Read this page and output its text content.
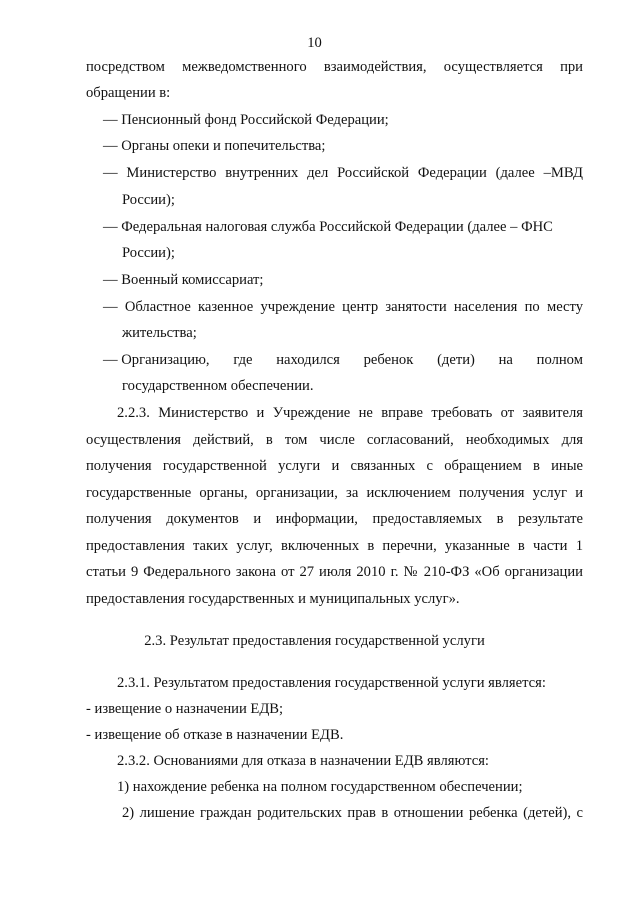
10
посредством межведомственного взаимодействия, осуществляется при
обращении в:
— Пенсионный фонд Российской Федерации;
— Органы опеки и попечительства;
— Министерство внутренних дел Российской Федерации (далее –МВД
России);
— Федеральная налоговая служба Российской Федерации (далее – ФНС
России);
— Военный комиссариат;
— Областное казенное учреждение центр занятости населения по месту
жительства;
— Организацию, где находился ребенок (дети) на полном
государственном обеспечении.
2.2.3. Министерство и Учреждение не вправе требовать от заявителя
осуществления действий, в том числе согласований, необходимых для
получения государственной услуги и связанных с обращением в иные
государственные органы, организации, за исключением получения услуг и
получения документов и информации, предоставляемых в результате
предоставления таких услуг, включенных в перечни, указанные в части 1
статьи 9 Федерального закона от 27 июля 2010 г. № 210-ФЗ «Об организации
предоставления государственных и муниципальных услуг».
2.3. Результат предоставления государственной услуги
2.3.1. Результатом предоставления государственной услуги является:
- извещение о назначении ЕДВ;
- извещение об отказе в назначении ЕДВ.
2.3.2. Основаниями для отказа в назначении ЕДВ являются:
1) нахождение ребенка на полном государственном обеспечении;
2) лишение граждан родительских прав в отношении ребенка (детей), с
